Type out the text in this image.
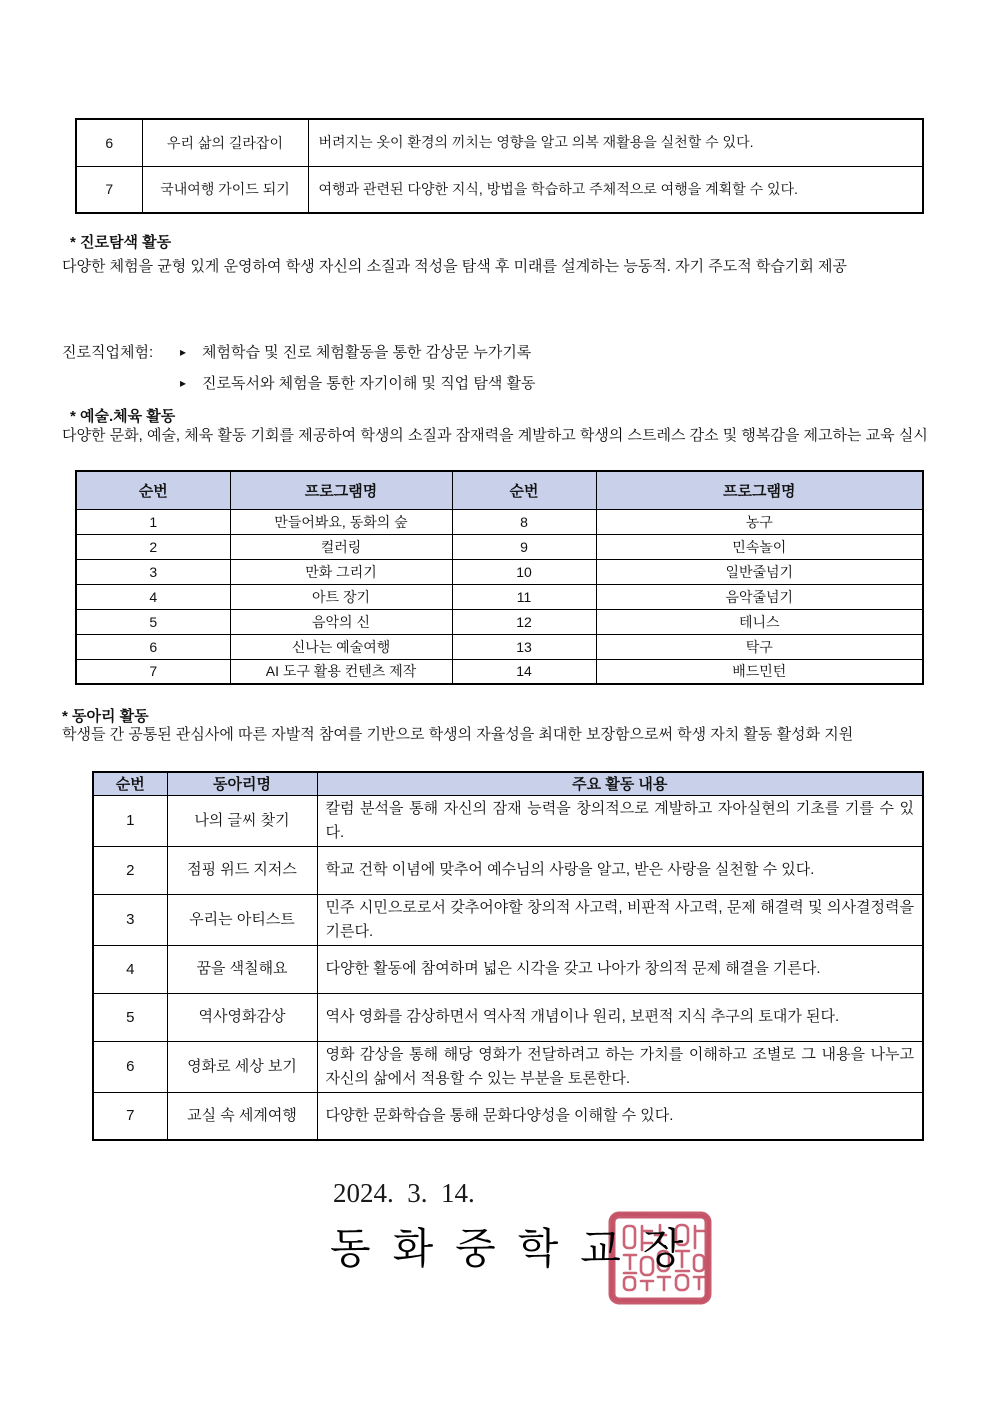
6	우리 삶의 길라잡이	버려지는 옷이 환경의 끼치는 영향을 알고 의복 재활용을 실천할 수 있다.
7	국내여행 가이드 되기	여행과 관련된 다양한 지식, 방법을 학습하고 주체적으로 여행을 계획할 수 있다.
* 진로탐색 활동
다양한 체험을 균형 있게 운영하여 학생 자신의 소질과 적성을 탐색 후 미래를 설계하는 능동적. 자기 주도적 학습기회 제공
진로직업체험:	▸	체험학습 및 진로 체험활동을 통한 감상문 누가기록
▸	진로독서와 체험을 통한 자기이해 및 직업 탐색 활동
* 예술.체육 활동
다양한 문화, 예술, 체육 활동 기회를 제공하여 학생의 소질과 잠재력을 계발하고 학생의 스트레스 감소 및 행복감을 제고하는 교육 실시
순번	프로그램명	순번	프로그램명
1	만들어봐요, 동화의 숲	8	농구
2	컬러링	9	민속놀이
3	만화 그리기	10	일반줄넘기
4	아트 장기	11	음악줄넘기
5	음악의 신	12	테니스
6	신나는 예술여행	13	탁구
7	AI 도구 활용 컨텐츠 제작	14	배드민턴
* 동아리 활동
학생들 간 공통된 관심사에 따른 자발적 참여를 기반으로 학생의 자율성을 최대한 보장함으로써 학생 자치 활동 활성화 지원
순번	동아리명	주요 활동 내용
1	나의 글씨 찾기	칼럼 분석을 통해 자신의 잠재 능력을 창의적으로 계발하고 자아실현의 기초를 기를 수 있다.
2	점핑 위드 지저스	학교 건학 이념에 맞추어 예수님의 사랑을 알고, 받은 사랑을 실천할 수 있다.
3	우리는 아티스트	민주 시민으로로서 갖추어야할 창의적 사고력, 비판적 사고력, 문제 해결력 및 의사결정력을 기른다.
4	꿈을 색칠해요	다양한 활동에 참여하며 넓은 시각을 갖고 나아가 창의적 문제 해결을 기른다.
5	역사영화감상	역사 영화를 감상하면서 역사적 개념이나 원리, 보편적 지식 추구의 토대가 된다.
6	영화로 세상 보기	영화 감상을 통해 해당 영화가 전달하려고 하는 가치를 이해하고 조별로 그 내용을 나누고 자신의 삶에서 적용할 수 있는 부분을 토론한다.
7	교실 속 세계여행	다양한 문화학습을 통해 문화다양성을 이해할 수 있다.
2024.  3.  14.
동화중학교장
